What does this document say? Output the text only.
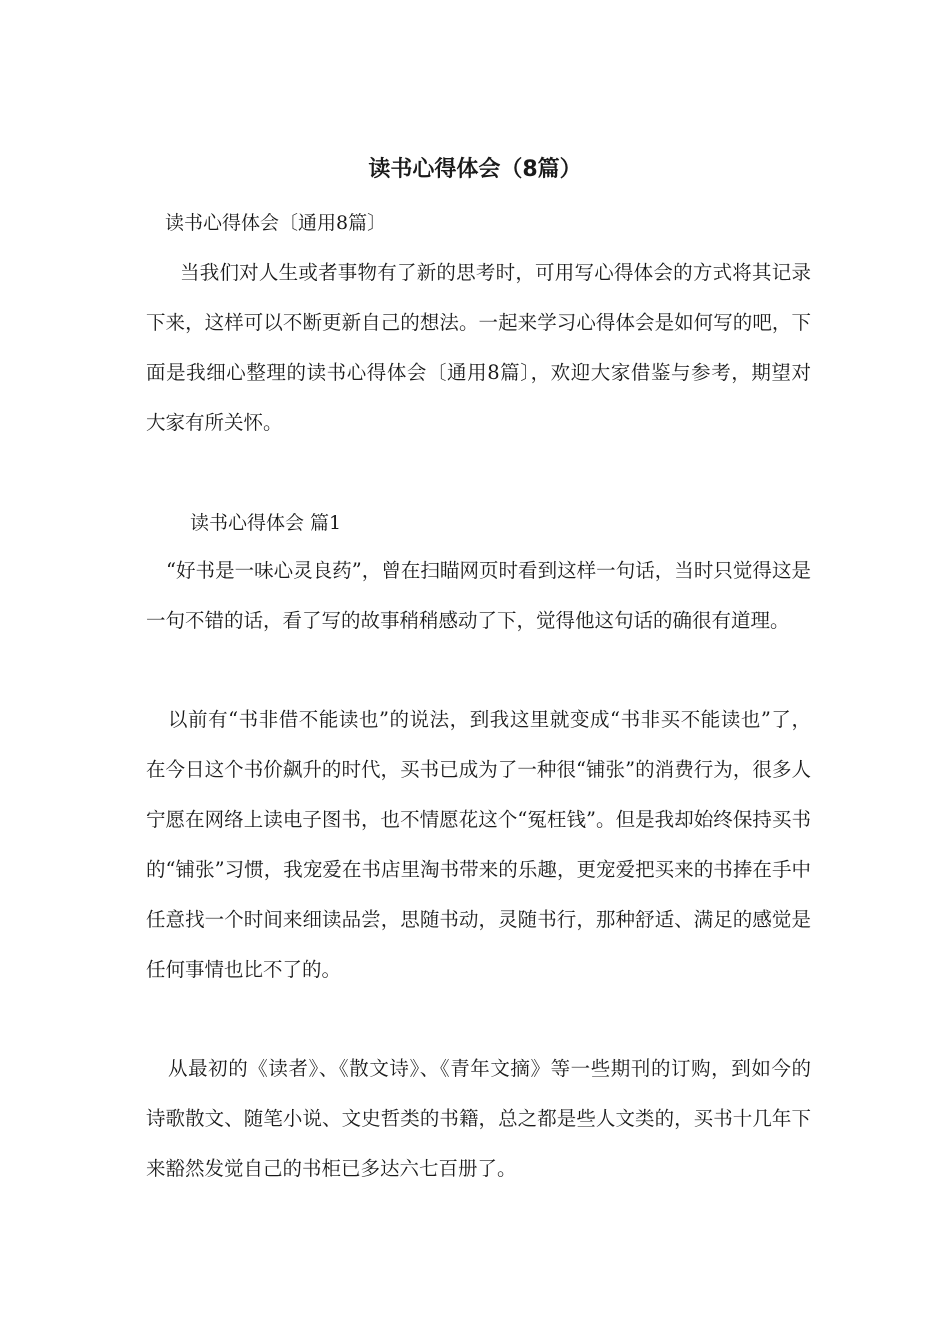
读书心得体会（8篇）

读书心得体会〔通用8篇〕

当我们对人生或者事物有了新的思考时，可用写心得体会的方式将其记录下来，这样可以不断更新自己的想法。一起来学习心得体会是如何写的吧，下面是我细心整理的读书心得体会〔通用8篇〕，欢迎大家借鉴与参考，期望对大家有所关怀。

读书心得体会 篇1

“好书是一味心灵良药”，曾在扫瞄网页时看到这样一句话，当时只觉得这是一句不错的话，看了写的故事稍稍感动了下，觉得他这句话的确很有道理。

以前有“书非借不能读也”的说法，到我这里就变成“书非买不能读也”了，在今日这个书价飙升的时代，买书已成为了一种很“铺张”的消费行为，很多人宁愿在网络上读电子图书，也不情愿花这个“冤枉钱”。但是我却始终保持买书的“铺张”习惯，我宠爱在书店里淘书带来的乐趣，更宠爱把买来的书捧在手中任意找一个时间来细读品尝，思随书动，灵随书行，那种舒适、满足的感觉是任何事情也比不了的。

从最初的《读者》、《散文诗》、《青年文摘》等一些期刊的订购，到如今的诗歌散文、随笔小说、文史哲类的书籍，总之都是些人文类的，买书十几年下来豁然发觉自己的书柜已多达六七百册了。
